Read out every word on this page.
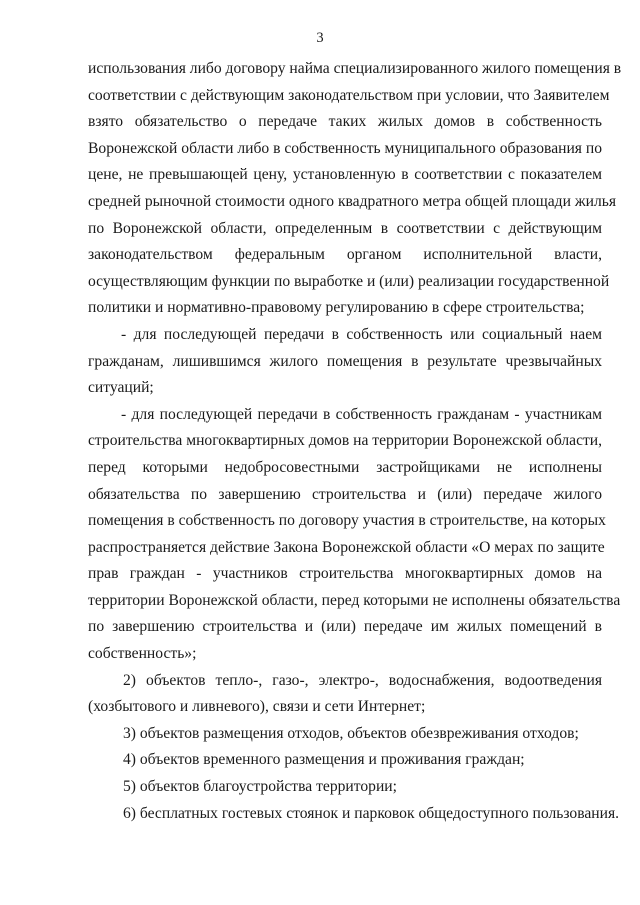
3
использования либо договору найма специализированного жилого помещения в
соответствии с действующим законодательством при условии, что Заявителем
взято обязательство о передаче таких жилых домов в собственность
Воронежской области либо в собственность муниципального образования по
цене, не превышающей цену, установленную в соответствии с показателем
средней рыночной стоимости одного квадратного метра общей площади жилья
по Воронежской области, определенным в соответствии с действующим
законодательством федеральным органом исполнительной власти,
осуществляющим функции по выработке и (или) реализации государственной
политики и нормативно-правовому регулированию в сфере строительства;
- для последующей передачи в собственность или социальный наем
гражданам, лишившимся жилого помещения в результате чрезвычайных
ситуаций;
- для последующей передачи в собственность гражданам - участникам
строительства многоквартирных домов на территории Воронежской области,
перед которыми недобросовестными застройщиками не исполнены
обязательства по завершению строительства и (или) передаче жилого
помещения в собственность по договору участия в строительстве, на которых
распространяется действие Закона Воронежской области «О мерах по защите
прав граждан - участников строительства многоквартирных домов на
территории Воронежской области, перед которыми не исполнены обязательства
по завершению строительства и (или) передаче им жилых помещений в
собственность»;
2) объектов тепло-, газо-, электро-, водоснабжения, водоотведения
(хозбытового и ливневого), связи и сети Интернет;
3) объектов размещения отходов, объектов обезвреживания отходов;
4) объектов временного размещения и проживания граждан;
5) объектов благоустройства территории;
6) бесплатных гостевых стоянок и парковок общедоступного пользования.
